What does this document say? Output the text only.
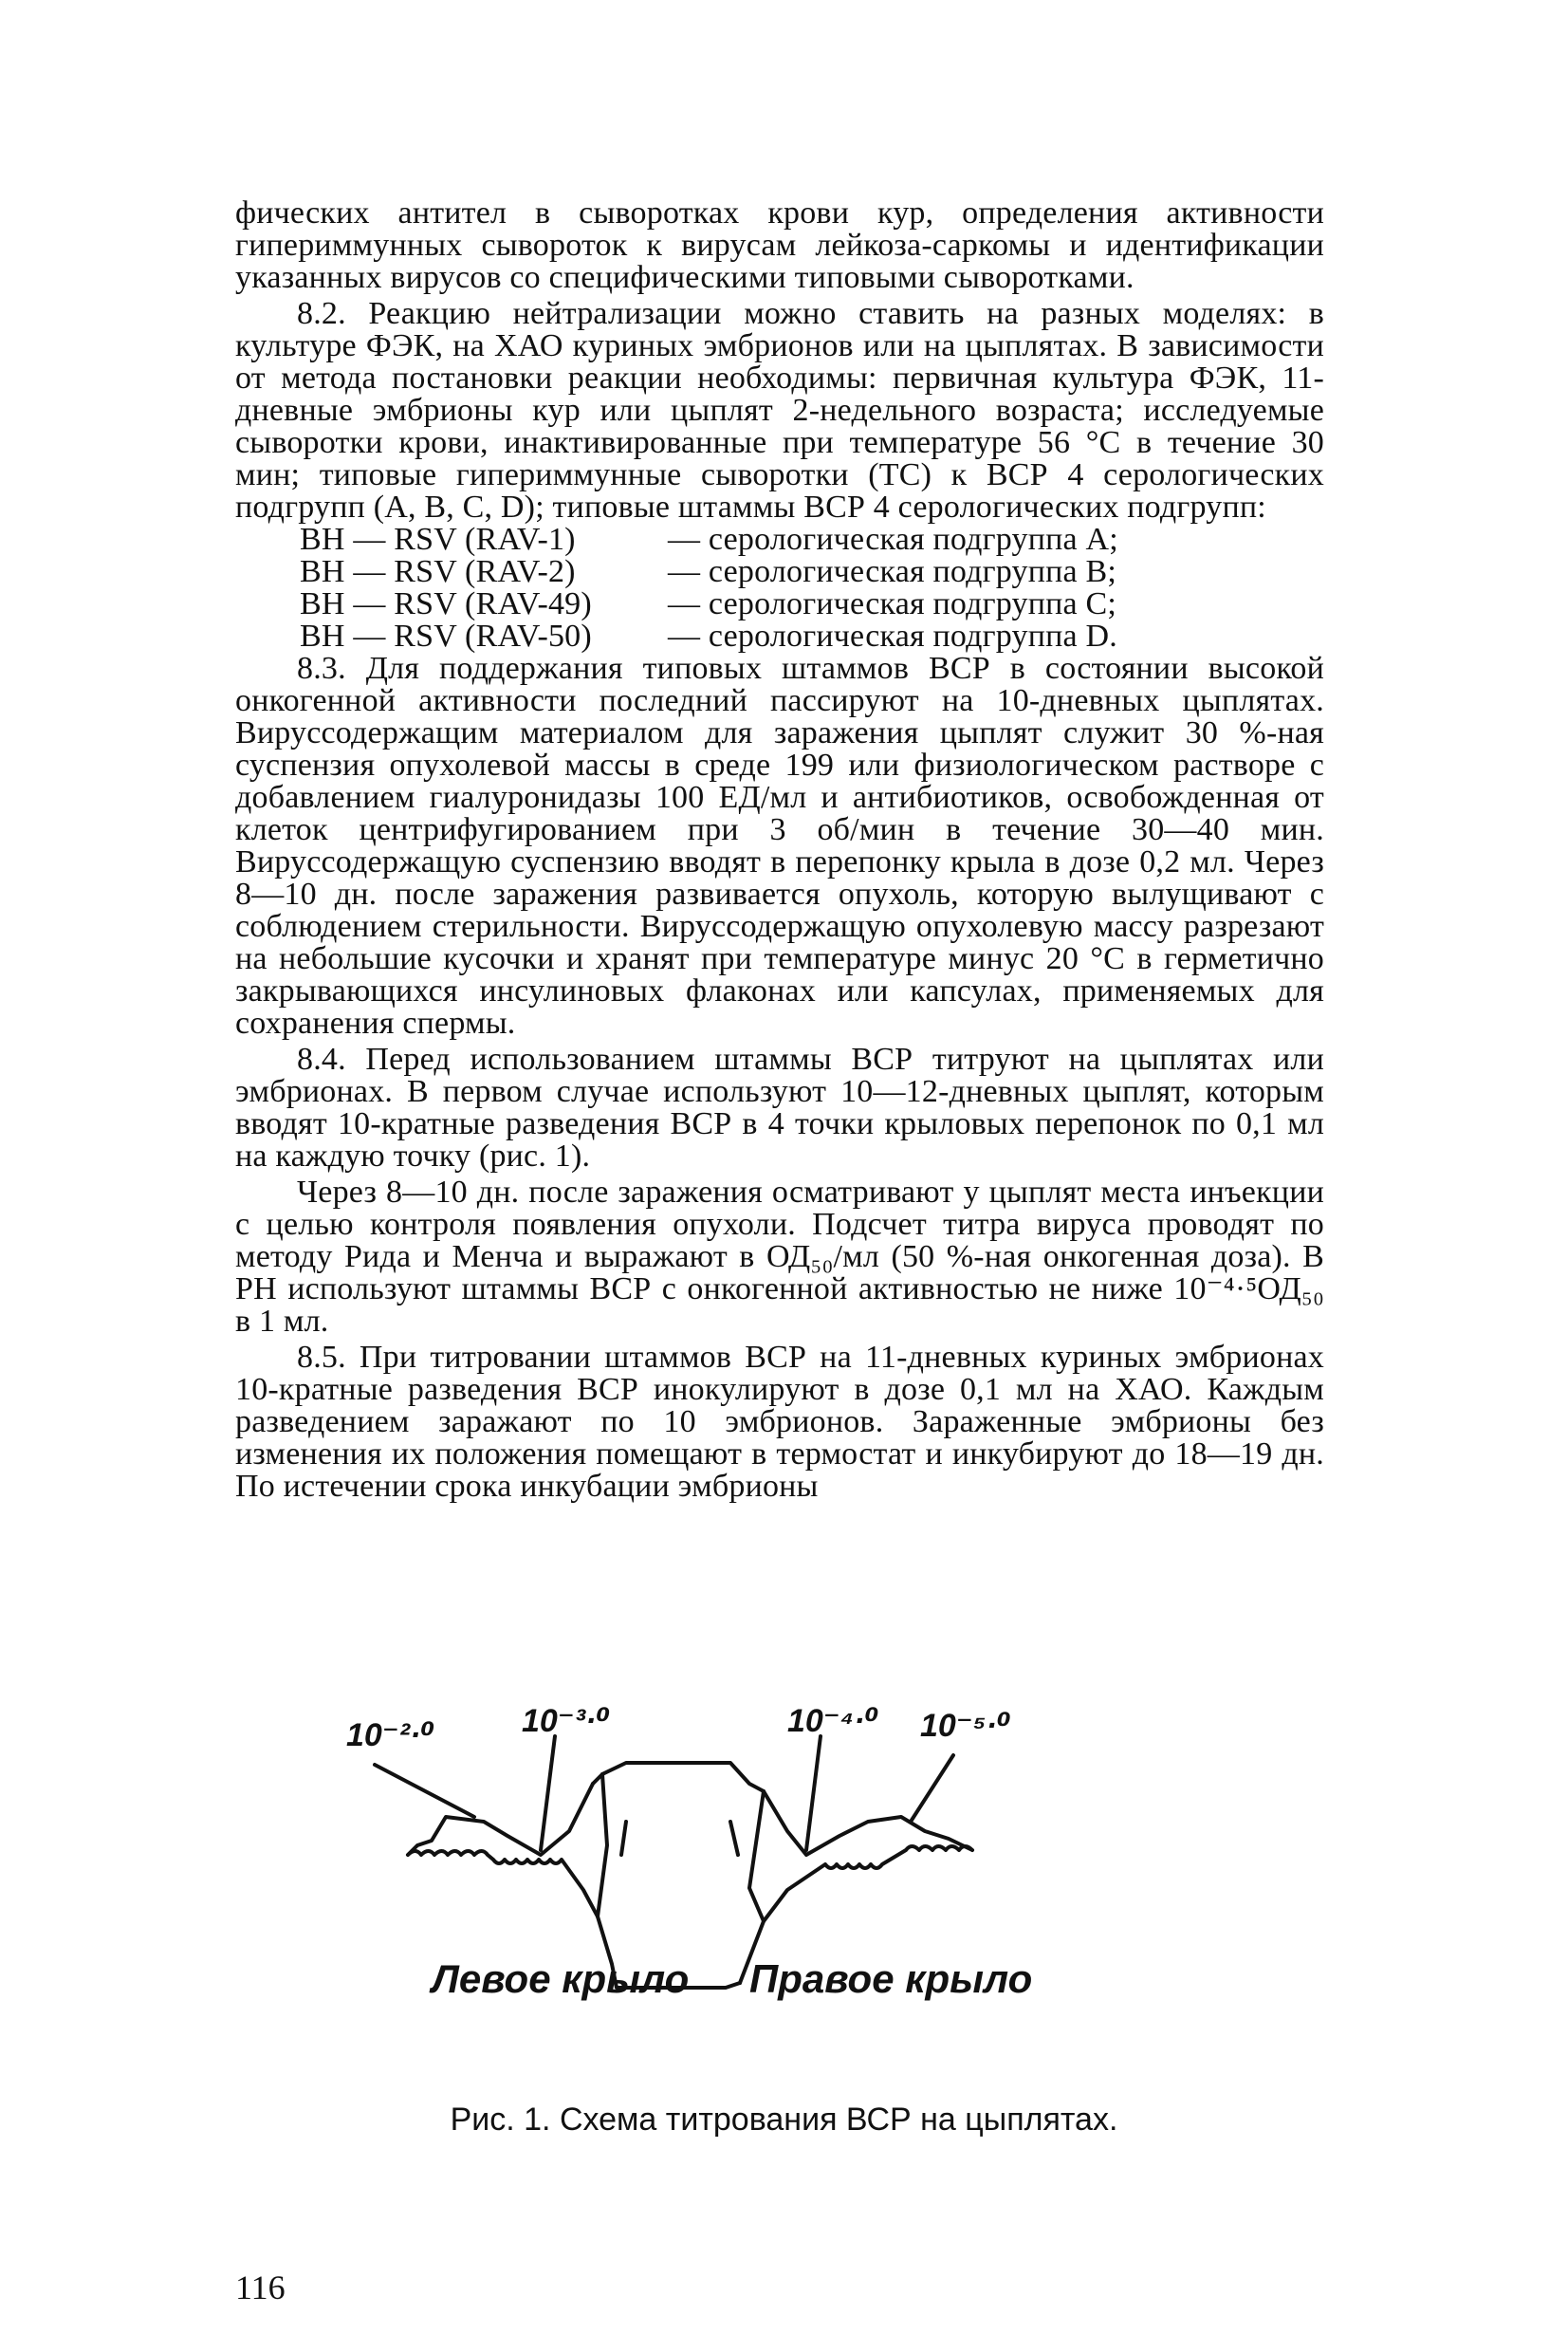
фических антител в сыворотках крови кур, определения активности гипериммунных сывороток к вирусам лейкоза-саркомы и идентификации указанных вирусов со специфическими типовыми сыворотками.

8.2. Реакцию нейтрализации можно ставить на разных моделях: в культуре ФЭК, на ХАО куриных эмбрионов или на цыплятах. В зависимости от метода постановки реакции необходимы: первичная культура ФЭК, 11-дневные эмбрионы кур или цыплят 2-недельного возраста; исследуемые сыворотки крови, инактивированные при температуре 56 °С в течение 30 мин; типовые гипериммунные сыворотки (ТС) к ВСР 4 серологических подгрупп (А, В, С, D); типовые штаммы ВСР 4 серологических подгрупп:

ВН — RSV (RAV-1)	— серологическая подгруппа А;
ВН — RSV (RAV-2)	— серологическая подгруппа В;
ВН — RSV (RAV-49)	— серологическая подгруппа С;
ВН — RSV (RAV-50)	— серологическая подгруппа D.

8.3. Для поддержания типовых штаммов ВСР в состоянии высокой онкогенной активности последний пассируют на 10-дневных цыплятах. Вируссодержащим материалом для заражения цыплят служит 30 %-ная суспензия опухолевой массы в среде 199 или физиологическом растворе с добавлением гиалуронидазы 100 ЕД/мл и антибиотиков, освобожденная от клеток центрифугированием при 3 об/мин в течение 30—40 мин. Вируссодержащую суспензию вводят в перепонку крыла в дозе 0,2 мл. Через 8—10 дн. после заражения развивается опухоль, которую вылущивают с соблюдением стерильности. Вируссодержащую опухолевую массу разрезают на небольшие кусочки и хранят при температуре минус 20 °С в герметично закрывающихся инсулиновых флаконах или капсулах, применяемых для сохранения спермы.

8.4. Перед использованием штаммы ВСР титруют на цыплятах или эмбрионах. В первом случае используют 10—12-дневных цыплят, которым вводят 10-кратные разведения ВСР в 4 точки крыловых перепонок по 0,1 мл на каждую точку (рис. 1).

Через 8—10 дн. после заражения осматривают у цыплят места инъекции с целью контроля появления опухоли. Подсчет титра вируса проводят по методу Рида и Менча и выражают в ОД₅₀/мл (50 %-ная онкогенная доза). В РН используют штаммы ВСР с онкогенной активностью не ниже 10⁻⁴·⁵ОД₅₀ в 1 мл.

8.5. При титровании штаммов ВСР на 11-дневных куриных эмбрионах 10-кратные разведения ВСР инокулируют в дозе 0,1 мл на ХАО. Каждым разведением заражают по 10 эмбрионов. Зараженные эмбрионы без изменения их положения помещают в термостат и инкубируют до 18—19 дн. По истечении срока инкубации эмбрионы

10⁻²·⁰	10⁻³·⁰	10⁻⁴·⁰ 10⁻⁵·⁰
Левое крыло Правое крыло
Рис. 1. Схема титрования ВСР на цыплятах.
116
